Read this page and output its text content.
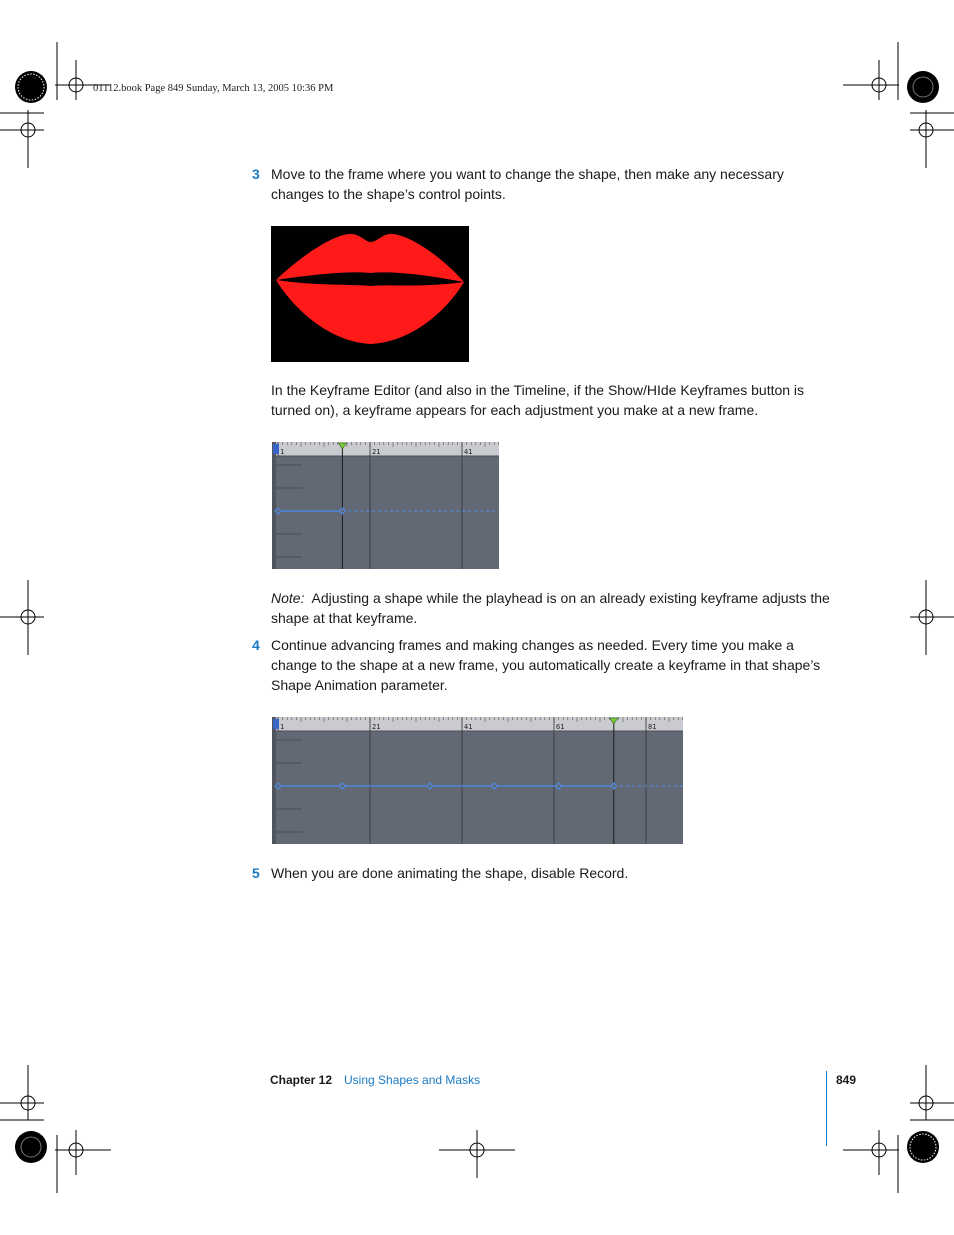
01112.book Page 849 Sunday, March 13, 2005 10:36 PM
3 Move to the frame where you want to change the shape, then make any necessary changes to the shape’s control points.
In the Keyframe Editor (and also in the Timeline, if the Show/HIde Keyframes button is turned on), a keyframe appears for each adjustment you make at a new frame.
1	21	41
Note: Adjusting a shape while the playhead is on an already existing keyframe adjusts the shape at that keyframe.
4 Continue advancing frames and making changes as needed. Every time you make a change to the shape at a new frame, you automatically create a keyframe in that shape’s Shape Animation parameter.
1	21	41	61	81
5 When you are done animating the shape, disable Record.
Chapter 12 Using Shapes and Masks	849
